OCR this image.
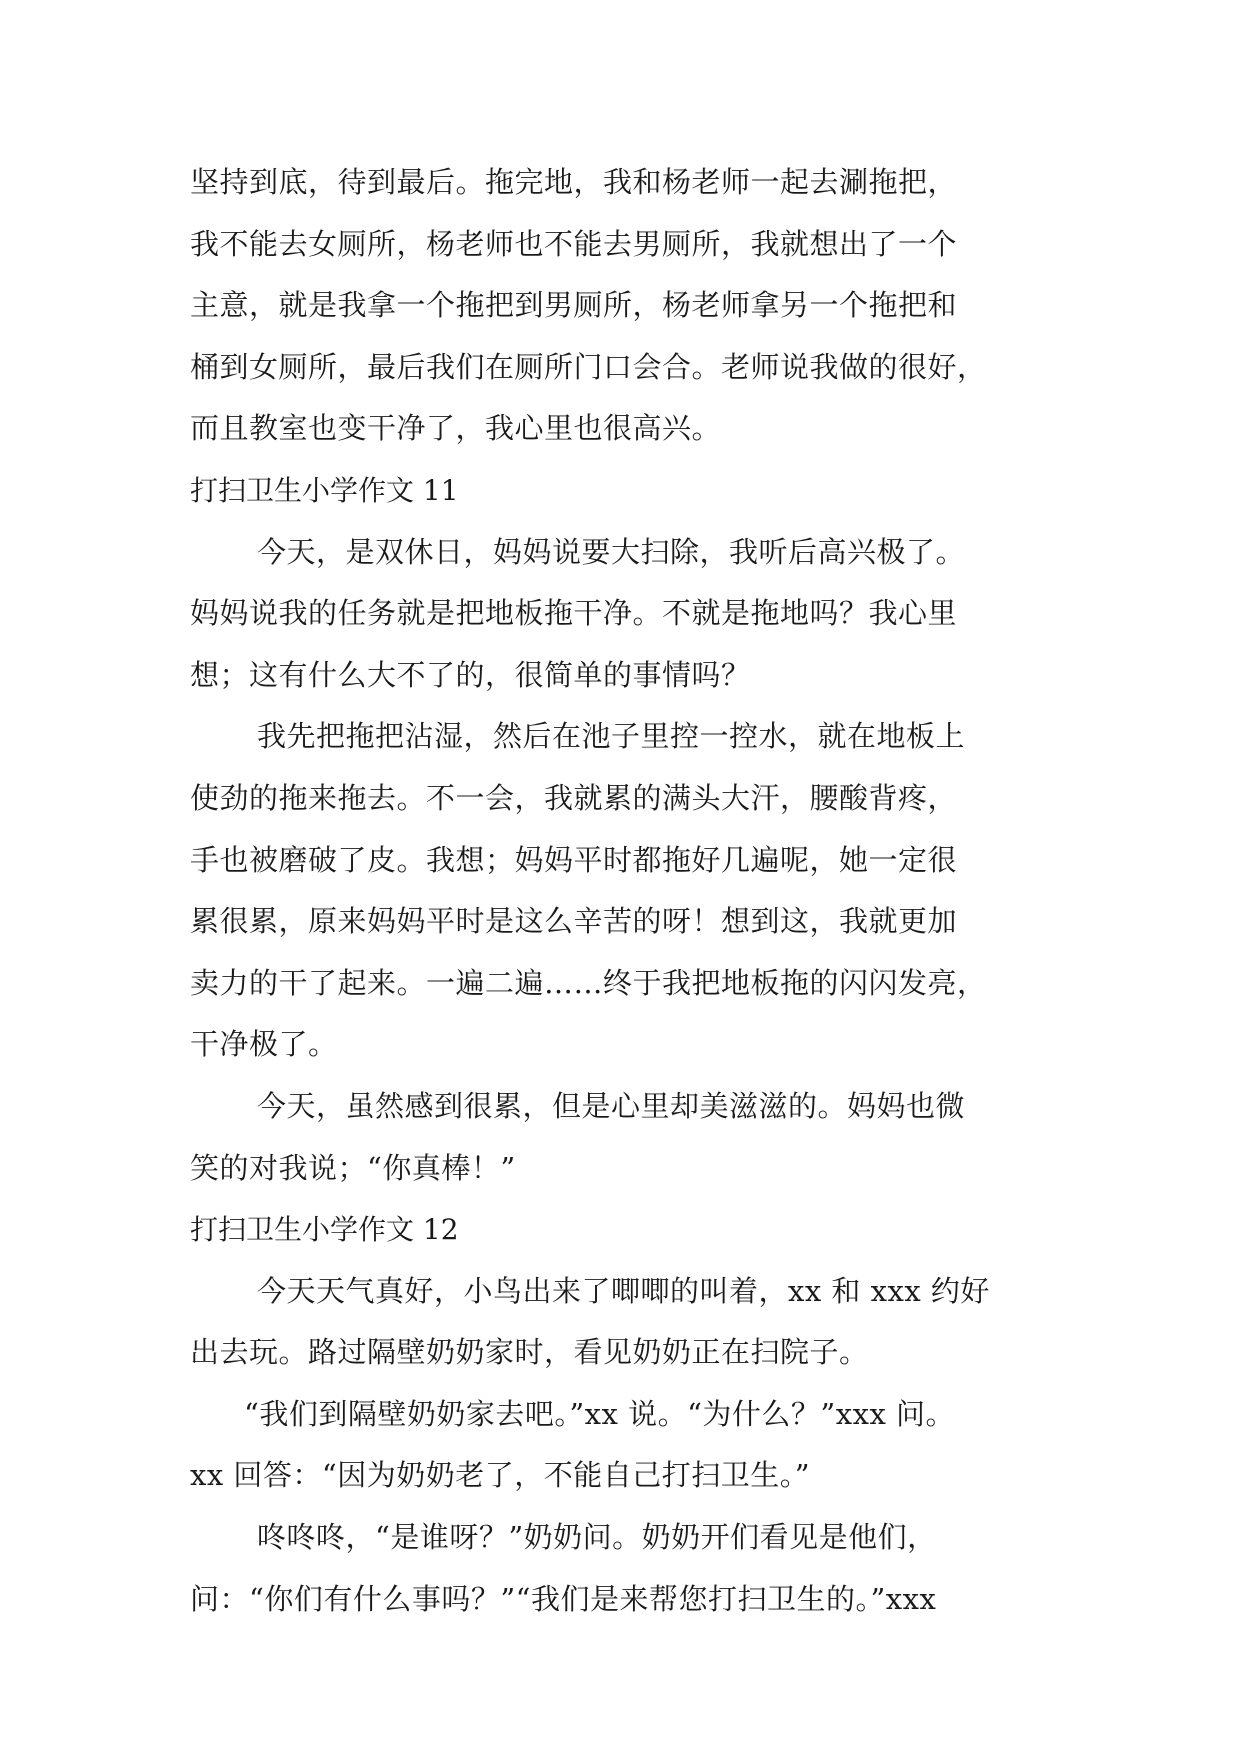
坚持到底，待到最后。拖完地，我和杨老师一起去涮拖把，
我不能去女厕所，杨老师也不能去男厕所，我就想出了一个
主意，就是我拿一个拖把到男厕所，杨老师拿另一个拖把和
桶到女厕所，最后我们在厕所门口会合。老师说我做的很好，
而且教室也变干净了，我心里也很高兴。
打扫卫生小学作文 11
今天，是双休日，妈妈说要大扫除，我听后高兴极了。
妈妈说我的任务就是把地板拖干净。不就是拖地吗？我心里
想；这有什么大不了的，很简单的事情吗？
我先把拖把沾湿，然后在池子里控一控水，就在地板上
使劲的拖来拖去。不一会，我就累的满头大汗，腰酸背疼，
手也被磨破了皮。我想；妈妈平时都拖好几遍呢，她一定很
累很累，原来妈妈平时是这么辛苦的呀！想到这，我就更加
卖力的干了起来。一遍二遍……终于我把地板拖的闪闪发亮，
干净极了。
今天，虽然感到很累，但是心里却美滋滋的。妈妈也微
笑的对我说；“你真棒！”
打扫卫生小学作文 12
今天天气真好，小鸟出来了唧唧的叫着，xx 和 xxx 约好
出去玩。路过隔壁奶奶家时，看见奶奶正在扫院子。
“我们到隔壁奶奶家去吧。”xx 说。“为什么？”xxx 问。
xx 回答：“因为奶奶老了，不能自己打扫卫生。”
咚咚咚，“是谁呀？”奶奶问。奶奶开们看见是他们，
问：“你们有什么事吗？”“我们是来帮您打扫卫生的。”xxx
